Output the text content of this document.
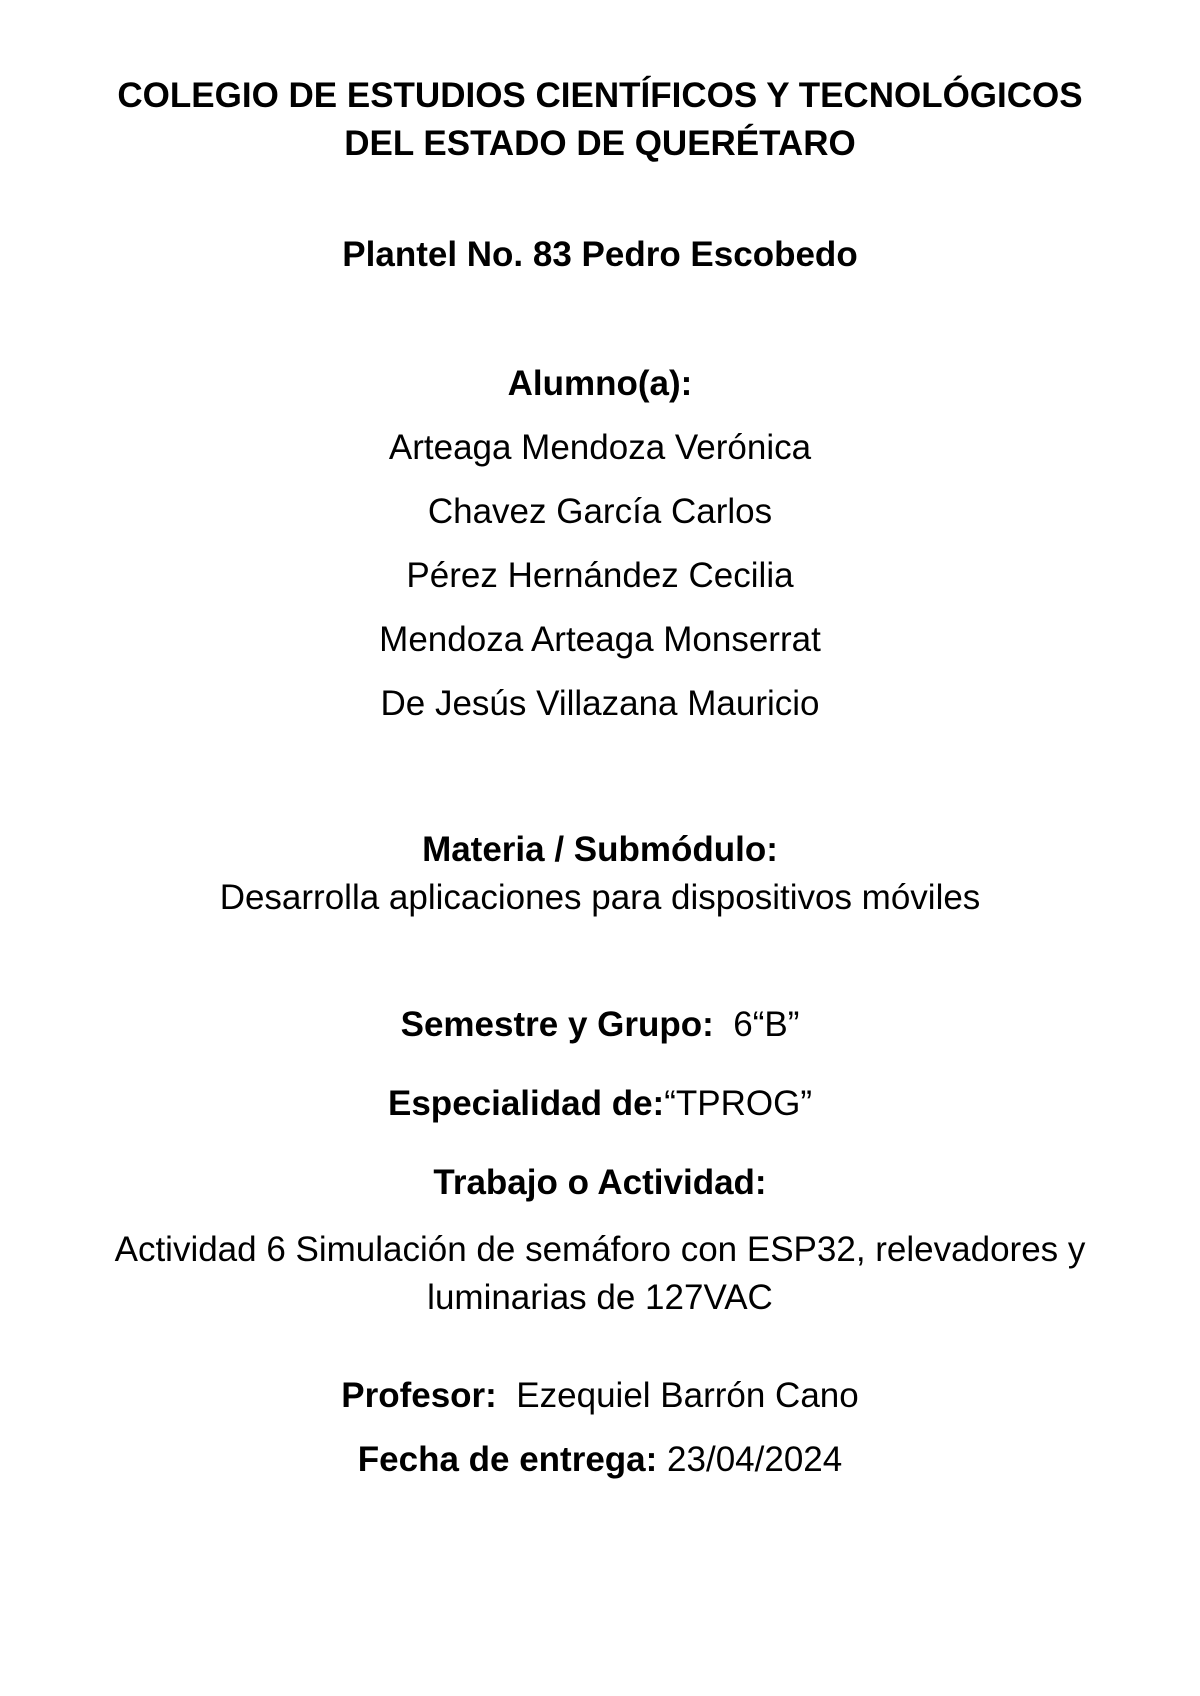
COLEGIO DE ESTUDIOS CIENTÍFICOS Y TECNOLÓGICOS
DEL ESTADO DE QUERÉTARO
Plantel No. 83 Pedro Escobedo
Alumno(a):
Arteaga Mendoza Verónica
Chavez García Carlos
Pérez Hernández Cecilia
Mendoza Arteaga Monserrat
De Jesús Villazana Mauricio
Materia / Submódulo:
Desarrolla aplicaciones para dispositivos móviles
Semestre y Grupo: 6“B”
Especialidad de:“TPROG”
Trabajo o Actividad:
Actividad 6 Simulación de semáforo con ESP32, relevadores y
luminarias de 127VAC
Profesor: Ezequiel Barrón Cano
Fecha de entrega: 23/04/2024
